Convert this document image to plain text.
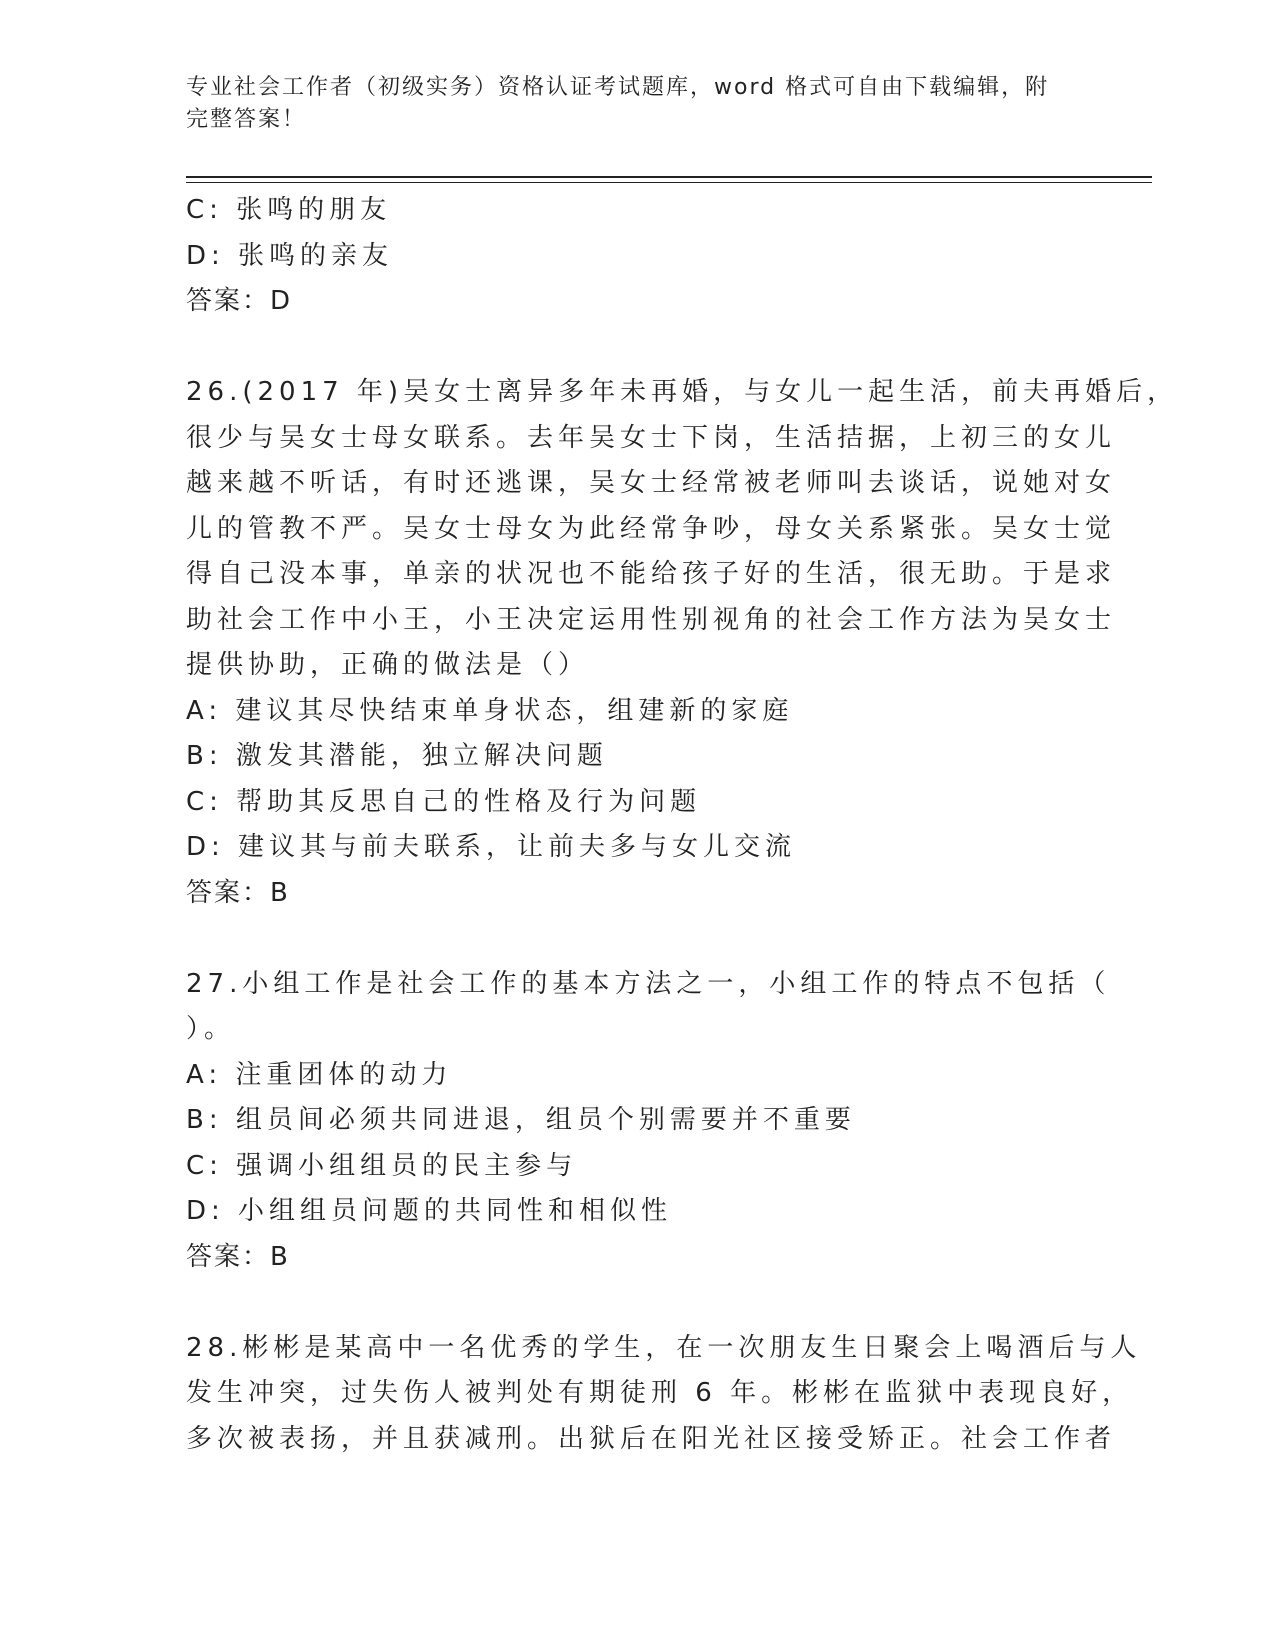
专业社会工作者（初级实务）资格认证考试题库，word 格式可自由下载编辑，附
完整答案！
C: 张鸣的朋友
D: 张鸣的亲友
答案：D
26.(2017 年)吴女士离异多年未再婚，与女儿一起生活，前夫再婚后，
很少与吴女士母女联系。去年吴女士下岗，生活拮据，上初三的女儿
越来越不听话，有时还逃课，吴女士经常被老师叫去谈话，说她对女
儿的管教不严。吴女士母女为此经常争吵，母女关系紧张。吴女士觉
得自己没本事，单亲的状况也不能给孩子好的生活，很无助。于是求
助社会工作中小王，小王决定运用性别视角的社会工作方法为吴女士
提供协助，正确的做法是（）
A: 建议其尽快结束单身状态，组建新的家庭
B: 激发其潜能，独立解决问题
C: 帮助其反思自己的性格及行为问题
D: 建议其与前夫联系，让前夫多与女儿交流
答案：B
27.小组工作是社会工作的基本方法之一，小组工作的特点不包括（
）。
A: 注重团体的动力
B: 组员间必须共同进退，组员个别需要并不重要
C: 强调小组组员的民主参与
D: 小组组员问题的共同性和相似性
答案：B
28.彬彬是某高中一名优秀的学生，在一次朋友生日聚会上喝酒后与人
发生冲突，过失伤人被判处有期徒刑 6 年。彬彬在监狱中表现良好，
多次被表扬，并且获减刑。出狱后在阳光社区接受矫正。社会工作者
